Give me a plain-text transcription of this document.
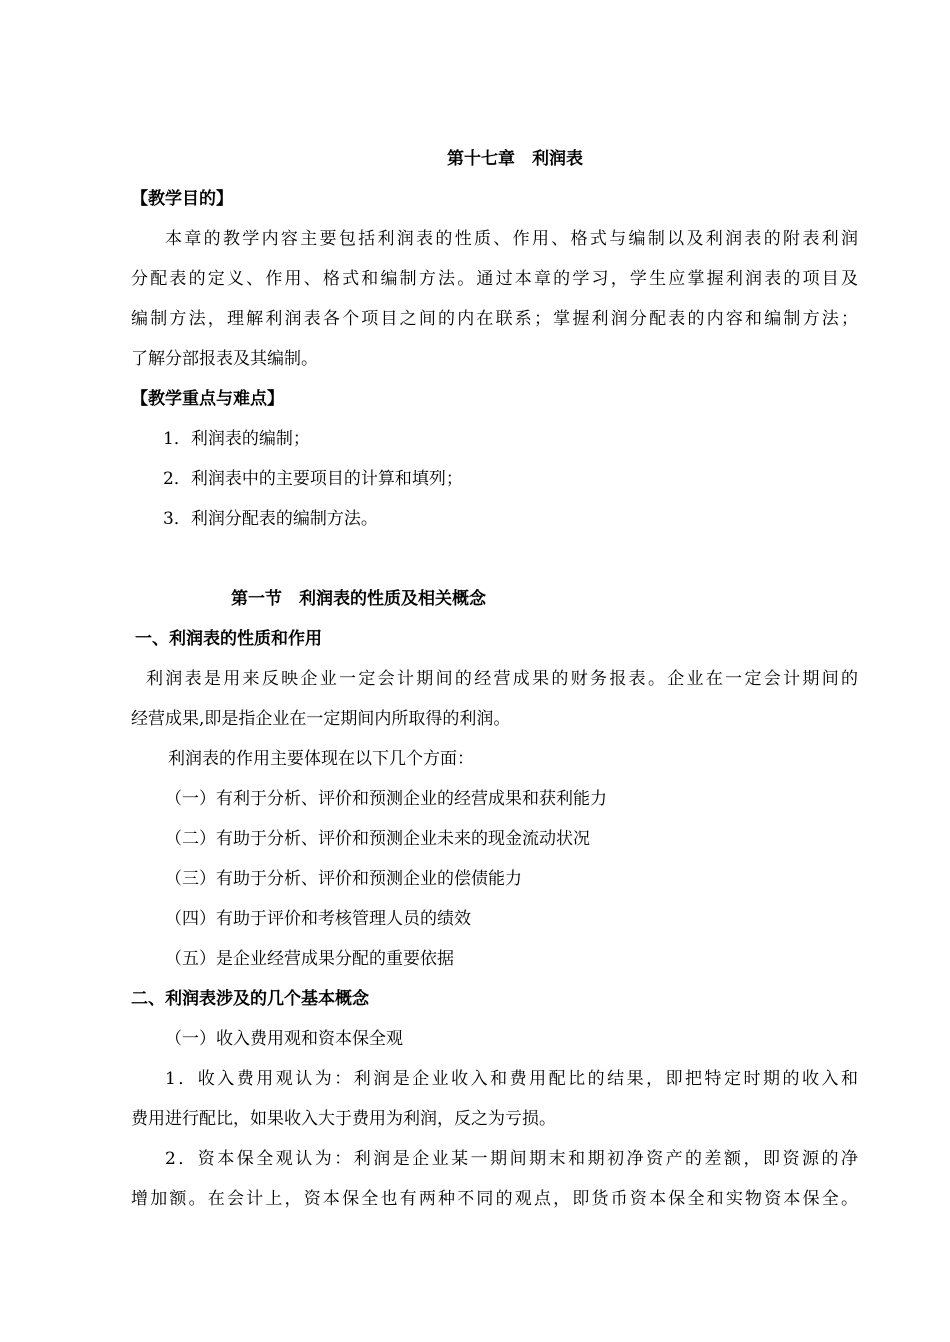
第十七章　利润表
【教学目的】
本章的教学内容主要包括利润表的性质、作用、格式与编制以及利润表的附表利润
分配表的定义、作用、格式和编制方法。通过本章的学习，学生应掌握利润表的项目及
编制方法，理解利润表各个项目之间的内在联系；掌握利润分配表的内容和编制方法；
了解分部报表及其编制。
【教学重点与难点】
1．利润表的编制；
2．利润表中的主要项目的计算和填列；
3．利润分配表的编制方法。
第一节　利润表的性质及相关概念
一、利润表的性质和作用
利润表是用来反映企业一定会计期间的经营成果的财务报表。企业在一定会计期间的
经营成果,即是指企业在一定期间内所取得的利润。
利润表的作用主要体现在以下几个方面：
（一）有利于分析、评价和预测企业的经营成果和获利能力
（二）有助于分析、评价和预测企业未来的现金流动状况
（三）有助于分析、评价和预测企业的偿债能力
（四）有助于评价和考核管理人员的绩效
（五）是企业经营成果分配的重要依据
二、利润表涉及的几个基本概念
（一）收入费用观和资本保全观
1．收入费用观认为：利润是企业收入和费用配比的结果，即把特定时期的收入和
费用进行配比，如果收入大于费用为利润，反之为亏损。
2．资本保全观认为：利润是企业某一期间期末和期初净资产的差额，即资源的净
增加额。在会计上，资本保全也有两种不同的观点，即货币资本保全和实物资本保全。
